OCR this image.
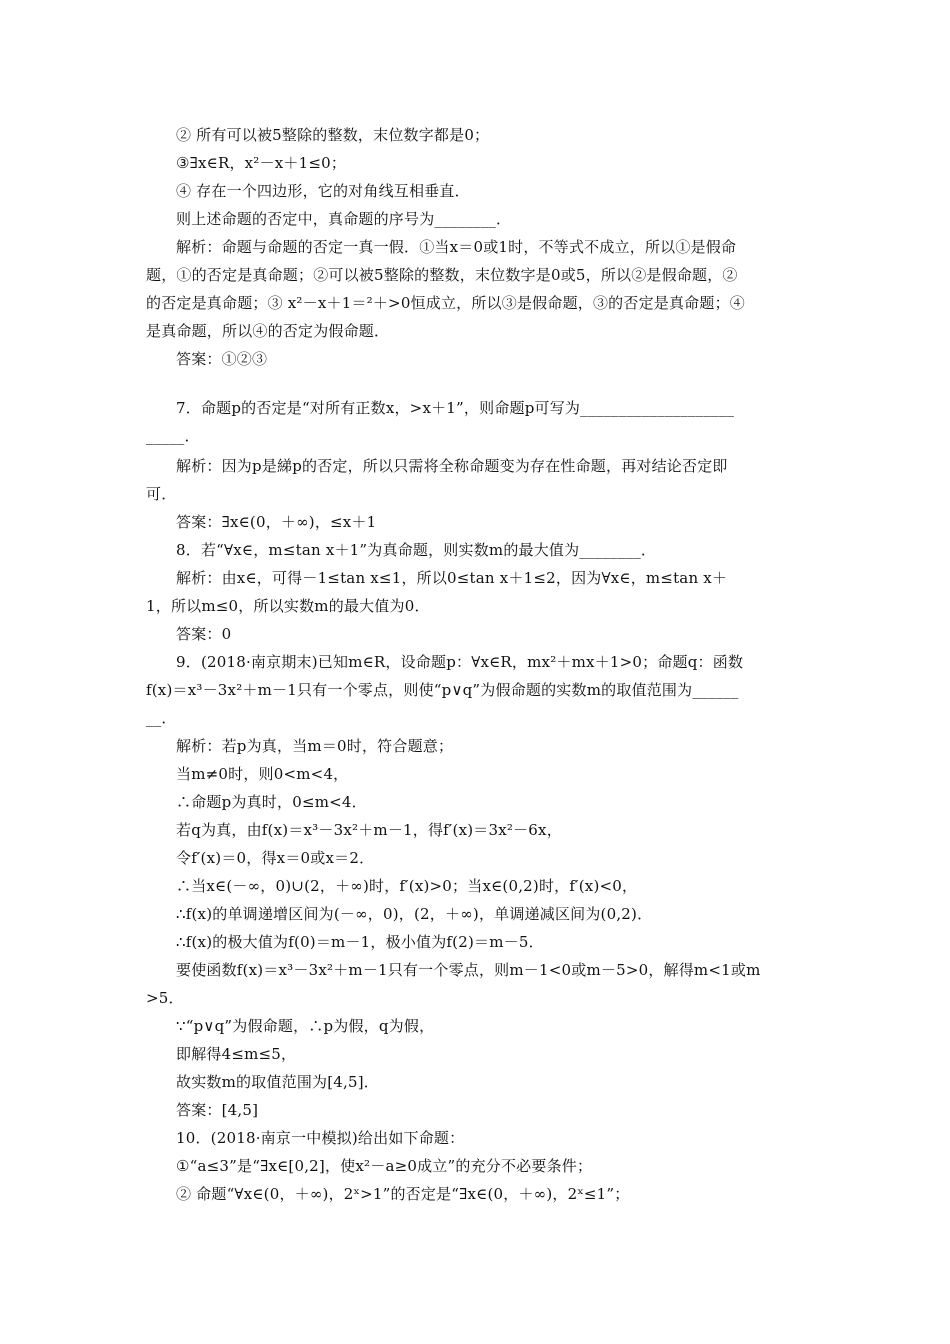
② 所有可以被5整除的整数，末位数字都是0；
③∃x∈R，x²－x＋1≤0；
④ 存在一个四边形，它的对角线互相垂直．
则上述命题的否定中，真命题的序号为________．
解析：命题与命题的否定一真一假．①当x＝0或1时，不等式不成立，所以①是假命
题，①的否定是真命题；②可以被5整除的整数，末位数字是0或5，所以②是假命题，②
的否定是真命题；③ x²－x＋1＝²＋>0恒成立，所以③是假命题，③的否定是真命题；④
是真命题，所以④的否定为假命题．
答案：①②③
7．命题p的否定是“对所有正数x，>x＋1”，则命题p可写为____________________
_____．
解析：因为p是綈p的否定，所以只需将全称命题变为存在性命题，再对结论否定即
可．
答案：∃x∈(0，＋∞)，≤x＋1
8．若“∀x∈，m≤tan x＋1”为真命题，则实数m的最大值为________．
解析：由x∈，可得－1≤tan x≤1，所以0≤tan x＋1≤2，因为∀x∈，m≤tan x＋
1，所以m≤0，所以实数m的最大值为0．
答案：0
9．(2018·南京期末)已知m∈R，设命题p：∀x∈R，mx²＋mx＋1>0；命题q：函数
f(x)＝x³－3x²＋m－1只有一个零点，则使“p∨q”为假命题的实数m的取值范围为______
__．
解析：若p为真，当m＝0时，符合题意；
当m≠0时，则0<m<4，
∴命题p为真时，0≤m<4．
若q为真，由f(x)＝x³－3x²＋m－1，得f′(x)＝3x²－6x，
令f′(x)＝0，得x＝0或x＝2．
∴当x∈(－∞，0)∪(2，＋∞)时，f′(x)>0；当x∈(0,2)时，f′(x)<0，
∴f(x)的单调递增区间为(－∞，0)，(2，＋∞)，单调递减区间为(0,2)．
∴f(x)的极大值为f(0)＝m－1，极小值为f(2)＝m－5．
要使函数f(x)＝x³－3x²＋m－1只有一个零点，则m－1<0或m－5>0，解得m<1或m
>5．
∵“p∨q”为假命题，∴p为假，q为假，
即解得4≤m≤5，
故实数m的取值范围为[4,5]．
答案：[4,5]
10．(2018·南京一中模拟)给出如下命题：
①“a≤3”是“∃x∈[0,2]，使x²－a≥0成立”的充分不必要条件；
② 命题“∀x∈(0，＋∞)，2ˣ>1”的否定是“∃x∈(0，＋∞)，2ˣ≤1”；
